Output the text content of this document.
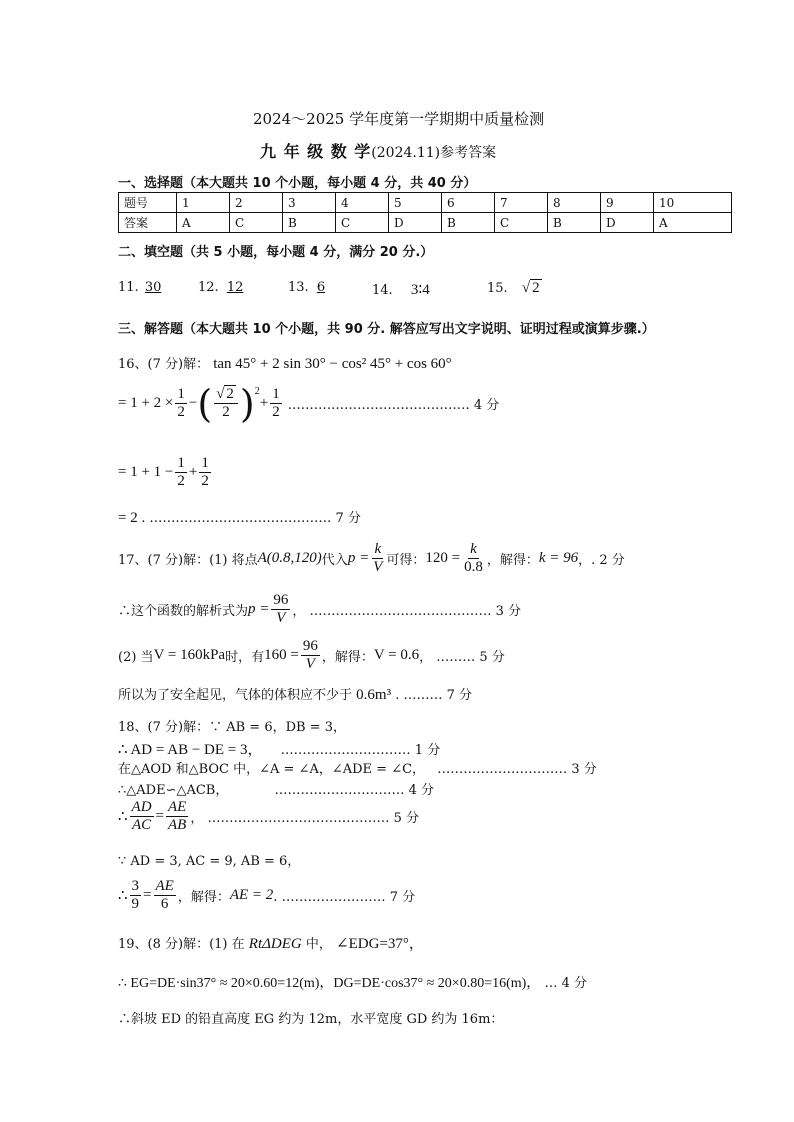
2024～2025 学年度第一学期期中质量检测
九 年 级 数 学(2024.11)参考答案
一、选择题（本大题共 10 个小题，每小题 4 分，共 40 分）
题号	1	2	3	4	5	6	7	8	9	10
答案	A	C	B	C	D	B	C	B	D	A
二、填空题（共 5 小题，每小题 4 分，满分 20 分.）
11. 30	12. 12	13. 6	14. 3∶4	15. √ 2
三、解答题（本大题共 10 个小题，共 90 分. 解答应写出文字说明、证明过程或演算步骤.）
16、(7 分)解： tan 45° + 2 sin 30° − cos² 45° + cos 60°
= $1 + 2 \times \frac{1}{2}$ − ( $\frac{√ 2}{2} )^2$
+ $\frac{1}{2}$ …………………………………… 4 分
= $1 + 1 - \frac{1}{2} + \frac{1}{2}$
= 2 . …………………………………… 7 分
17、(7 分)解：(1) 将点 A(0.8,120) 代入 $p = \frac{k}{V}$ 可得： $120 = \frac{k}{0.8}$ ，解得： k = 96 ，. 2 分
∴这个函数的解析式为 $p = \frac{96}{V}$ ， …………………………………… 3 分
(2) 当 V = 160kPa 时，有 $160 = \frac{96}{V}$ ，解得： V = 0.6 ， ……… 5 分
所以为了安全起见，气体的体积应不少于 0.6m³ . ……… 7 分
18、(7 分)解：∵ AB = 6，DB = 3，
∴ AD = AB − DE = 3， ………………………… 1 分
在△AOD 和△BOC 中，∠A = ∠A，∠ADE = ∠C， ………………………… 3 分
∴△ADE∽△ACB，	………………………… 4 分
∴ $\frac{AD}{AC} = \frac{AE}{AB}$ ， …………………………………… 5 分
∵ AD = 3, AC = 9, AB = 6，
∴ $\frac{3}{9} = \frac{AE}{6}$ ，解得： AE = 2 . …………………… 7 分
19、(8 分)解：(1) 在 RtΔDEG 中， ∠EDG=37°，
∴ EG=DE·sin37° ≈ 20×0.60=12(m)，DG=DE·cos37° ≈ 20×0.80=16(m)， … 4 分
∴斜坡 ED 的铅直高度 EG 约为 12m，水平宽度 GD 约为 16m：
